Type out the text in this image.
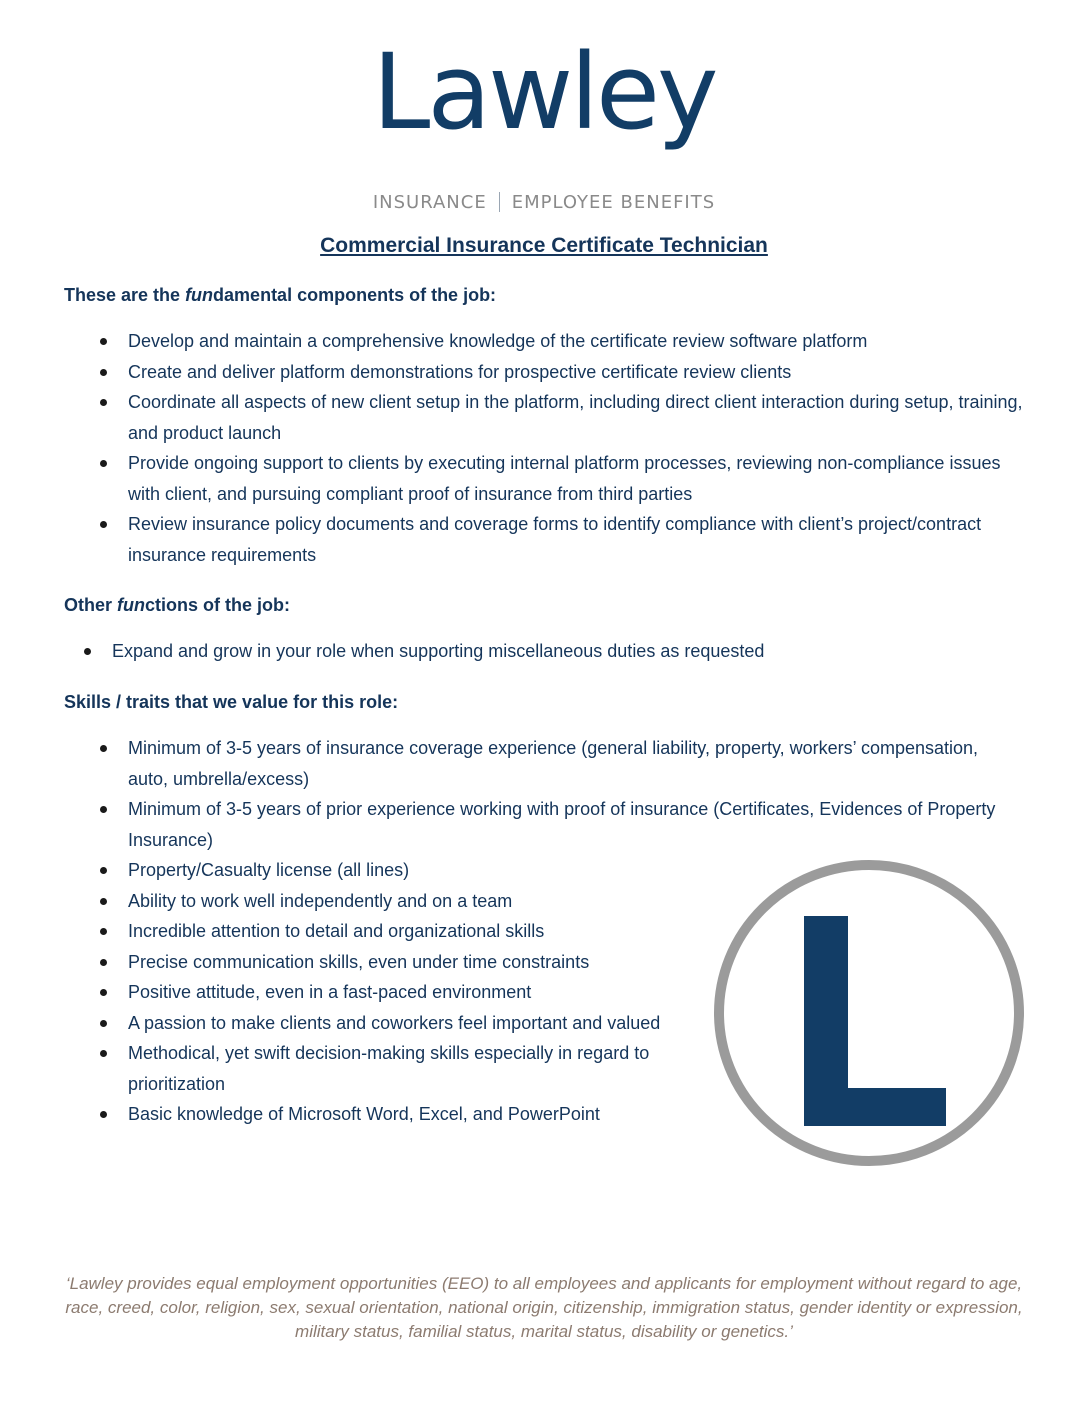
Lawley
INSURANCE EMPLOYEE BENEFITS
Commercial Insurance Certificate Technician
These are the fundamental components of the job:
Develop and maintain a comprehensive knowledge of the certificate review software platform
Create and deliver platform demonstrations for prospective certificate review clients
Coordinate all aspects of new client setup in the platform, including direct client interaction during setup, training, and product launch
Provide ongoing support to clients by executing internal platform processes, reviewing non-compliance issues with client, and pursuing compliant proof of insurance from third parties
Review insurance policy documents and coverage forms to identify compliance with client’s project/contract insurance requirements
Other functions of the job:
Expand and grow in your role when supporting miscellaneous duties as requested
Skills / traits that we value for this role:
Minimum of 3-5 years of insurance coverage experience (general liability, property, workers’ compensation, auto, umbrella/excess)
Minimum of 3-5 years of prior experience working with proof of insurance (Certificates, Evidences of Property Insurance)
Property/Casualty license (all lines)
Ability to work well independently and on a team
Incredible attention to detail and organizational skills
Precise communication skills, even under time constraints
Positive attitude, even in a fast-paced environment
A passion to make clients and coworkers feel important and valued
Methodical, yet swift decision-making skills especially in regard to prioritization
Basic knowledge of Microsoft Word, Excel, and PowerPoint
‘Lawley provides equal employment opportunities (EEO) to all employees and applicants for employment without regard to age, race, creed, color, religion, sex, sexual orientation, national origin, citizenship, immigration status, gender identity or expression, military status, familial status, marital status, disability or genetics.’
